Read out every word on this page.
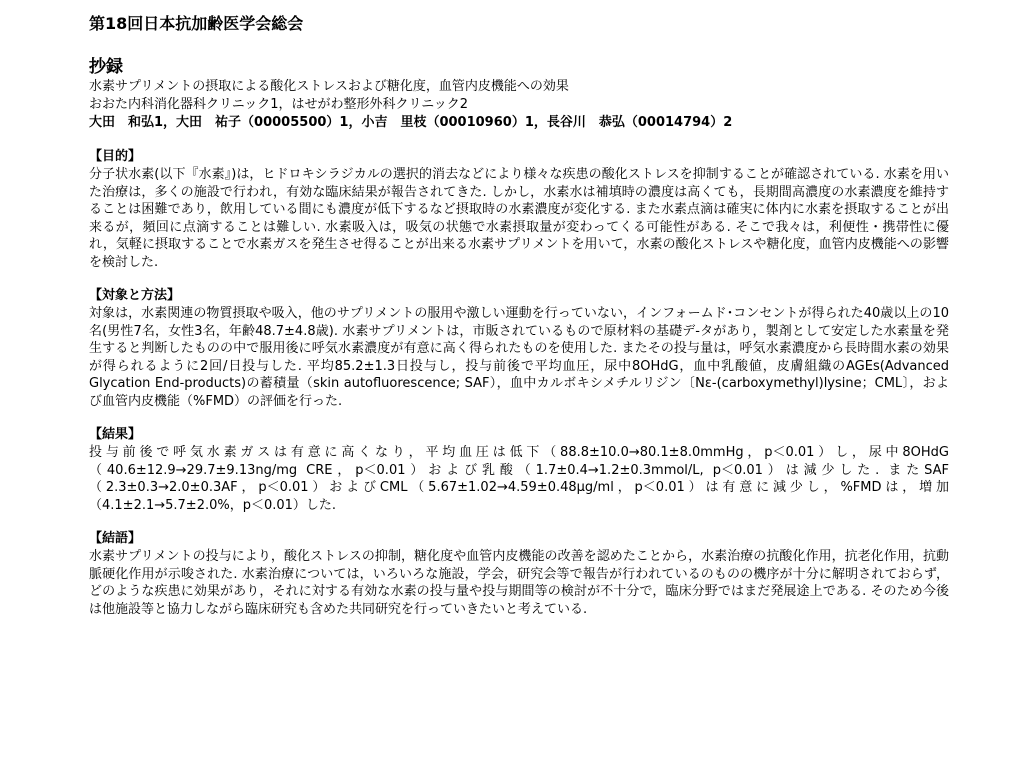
第18回日本抗加齢医学会総会

抄録

水素サプリメントの摂取による酸化ストレスおよび糖化度，血管内皮機能への効果

おおた内科消化器科クリニック1，はせがわ整形外科クリニック2

大田　和弘1，大田　祐子（00005500）1，小吉　里枝（00010960）1，長谷川　恭弘（00014794）2

【目的】

分子状水素(以下『水素』)は，ヒドロキシラジカルの選択的消去などにより様々な疾患の酸化ストレスを抑制することが確認されている. 水素を用いた治療は，多くの施設で行われ，有効な臨床結果が報告されてきた. しかし，水素水は補填時の濃度は高くても，長期間高濃度の水素濃度を維持することは困難であり，飲用している間にも濃度が低下するなど摂取時の水素濃度が変化する. また水素点滴は確実に体内に水素を摂取することが出来るが，頻回に点滴することは難しい. 水素吸入は，吸気の状態で水素摂取量が変わってくる可能性がある. そこで我々は，利便性・携帯性に優れ，気軽に摂取することで水素ガスを発生させ得ることが出来る水素サプリメントを用いて，水素の酸化ストレスや糖化度，血管内皮機能への影響を検討した.

【対象と方法】

対象は，水素関連の物質摂取や吸入，他のサプリメントの服用や激しい運動を行っていない，インフォームド･コンセントが得られた40歳以上の10名(男性7名，女性3名，年齢48.7±4.8歳). 水素サプリメントは，市販されているもので原材料の基礎デ-タがあり，製剤として安定した水素量を発生すると判断したものの中で服用後に呼気水素濃度が有意に高く得られたものを使用した. またその投与量は，呼気水素濃度から長時間水素の効果が得られるように2回/日投与した. 平均85.2±1.3日投与し，投与前後で平均血圧，尿中8OHdG，血中乳酸値，皮膚組織のAGEs(Advanced Glycation End-products)の蓄積量（skin autofluorescence; SAF），血中カルボキシメチルリジン〔Nε-(carboxymethyl)lysine；CML〕，および血管内皮機能（%FMD）の評価を行った.

【結果】

投与前後で呼気水素ガスは有意に高くなり，平均血圧は低下（88.8±10.0→80.1±8.0mmHg，p＜0.01）し，尿中8OHdG（40.6±12.9→29.7±9.13ng/mg CRE，p＜0.01）および乳酸（1.7±0.4→1.2±0.3mmol/L, p＜0.01）は減少した. またSAF（2.3±0.3→2.0±0.3AF，p＜0.01）およびCML（5.67±1.02→4.59±0.48μg/ml，p＜0.01）は有意に減少し，%FMDは，増加（4.1±2.1→5.7±2.0%，p＜0.01）した.

【結語】

水素サプリメントの投与により，酸化ストレスの抑制，糖化度や血管内皮機能の改善を認めたことから，水素治療の抗酸化作用，抗老化作用，抗動脈硬化作用が示唆された. 水素治療については，いろいろな施設，学会，研究会等で報告が行われているのものの機序が十分に解明されておらず，どのような疾患に効果があり，それに対する有効な水素の投与量や投与期間等の検討が不十分で，臨床分野ではまだ発展途上である. そのため今後は他施設等と協力しながら臨床研究も含めた共同研究を行っていきたいと考えている.
